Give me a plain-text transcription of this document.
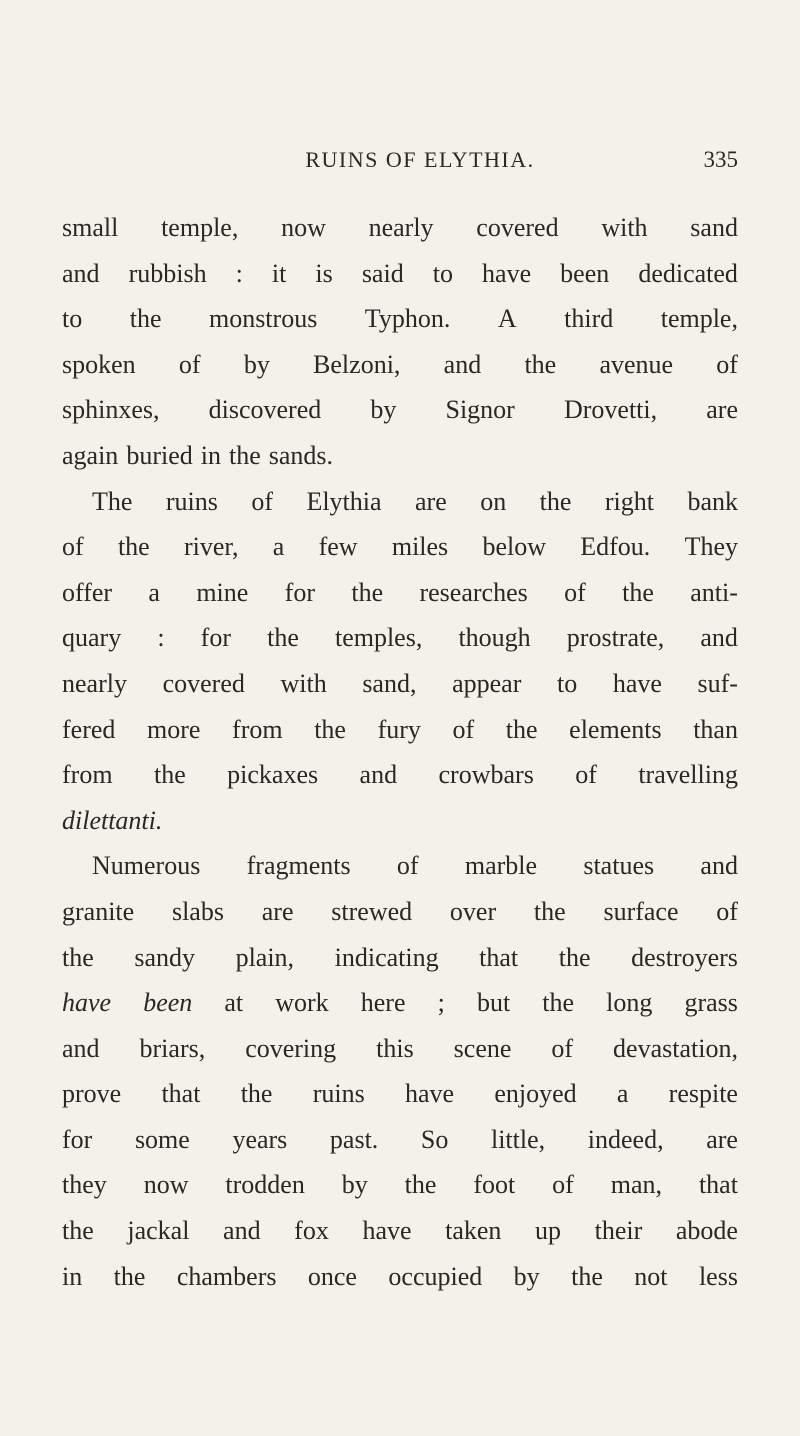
RUINS OF ELYTHIA.	335
small temple, now nearly covered with sand
and rubbish : it is said to have been dedicated
to the monstrous Typhon. A third temple,
spoken of by Belzoni, and the avenue of
sphinxes, discovered by Signor Drovetti, are
again buried in the sands.
The ruins of Elythia are on the right bank
of the river, a few miles below Edfou. They
offer a mine for the researches of the anti-
quary : for the temples, though prostrate, and
nearly covered with sand, appear to have suf-
fered more from the fury of the elements than
from the pickaxes and crowbars of travelling
dilettanti.
Numerous fragments of marble statues and
granite slabs are strewed over the surface of
the sandy plain, indicating that the destroyers
have been at work here ; but the long grass
and briars, covering this scene of devastation,
prove that the ruins have enjoyed a respite
for some years past. So little, indeed, are
they now trodden by the foot of man, that
the jackal and fox have taken up their abode
in the chambers once occupied by the not less
